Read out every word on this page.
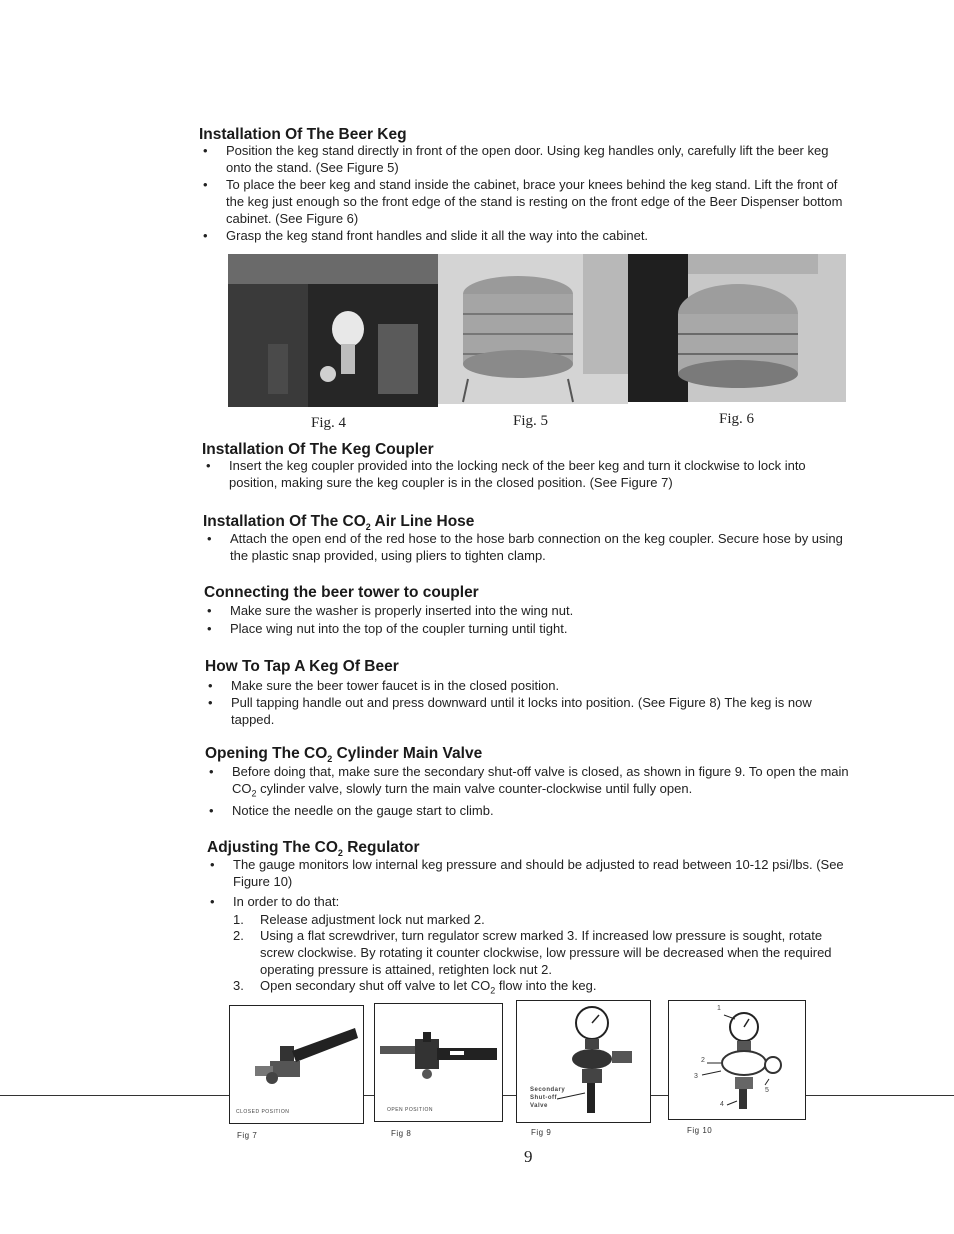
Installation Of The Beer Keg
• Position the keg stand directly in front of the open door. Using keg handles only, carefully lift the beer keg onto the stand. (See Figure 5)
• To place the beer keg and stand inside the cabinet, brace your knees behind the keg stand. Lift the front of the keg just enough so the front edge of the stand is resting on the front edge of the Beer Dispenser bottom cabinet. (See Figure 6)
• Grasp the keg stand front handles and slide it all the way into the cabinet.
Fig. 4	Fig. 5	Fig. 6
Installation Of The Keg Coupler
• Insert the keg coupler provided into the locking neck of the beer keg and turn it clockwise to lock into position, making sure the keg coupler is in the closed position. (See Figure 7)
Installation Of The $CO_2$ Air Line Hose
• Attach the open end of the red hose to the hose barb connection on the keg coupler. Secure hose by using the plastic snap provided, using pliers to tighten clamp.
Connecting the beer tower to coupler
• Make sure the washer is properly inserted into the wing nut.
• Place wing nut into the top of the coupler turning until tight.
How To Tap A Keg Of Beer
• Make sure the beer tower faucet is in the closed position.
• Pull tapping handle out and press downward until it locks into position. (See Figure 8) The keg is now tapped.
Opening The $CO_2$ Cylinder Main Valve
• Before doing that, make sure the secondary shut-off valve is closed, as shown in figure 9. To open the main $CO_2$ cylinder valve, slowly turn the main valve counter-clockwise until fully open.
• Notice the needle on the gauge start to climb.
Adjusting The $CO_2$ Regulator
• The gauge monitors low internal keg pressure and should be adjusted to read between 10-12 psi/lbs. (See Figure 10)
• In order to do that:
1. Release adjustment lock nut marked 2.
2. Using a flat screwdriver, turn regulator screw marked 3. If increased low pressure is sought, rotate screw clockwise. By rotating it counter clockwise, low pressure will be decreased when the required operating pressure is attained, retighten lock nut 2.
3. Open secondary shut off valve to let $CO_2$ flow into the keg.
CLOSED POSITION	OPEN POSITION
Secondary
Shut-off
Valve
1
2
3
4
5
Fig 7	Fig 8	Fig 9	Fig 10
9
